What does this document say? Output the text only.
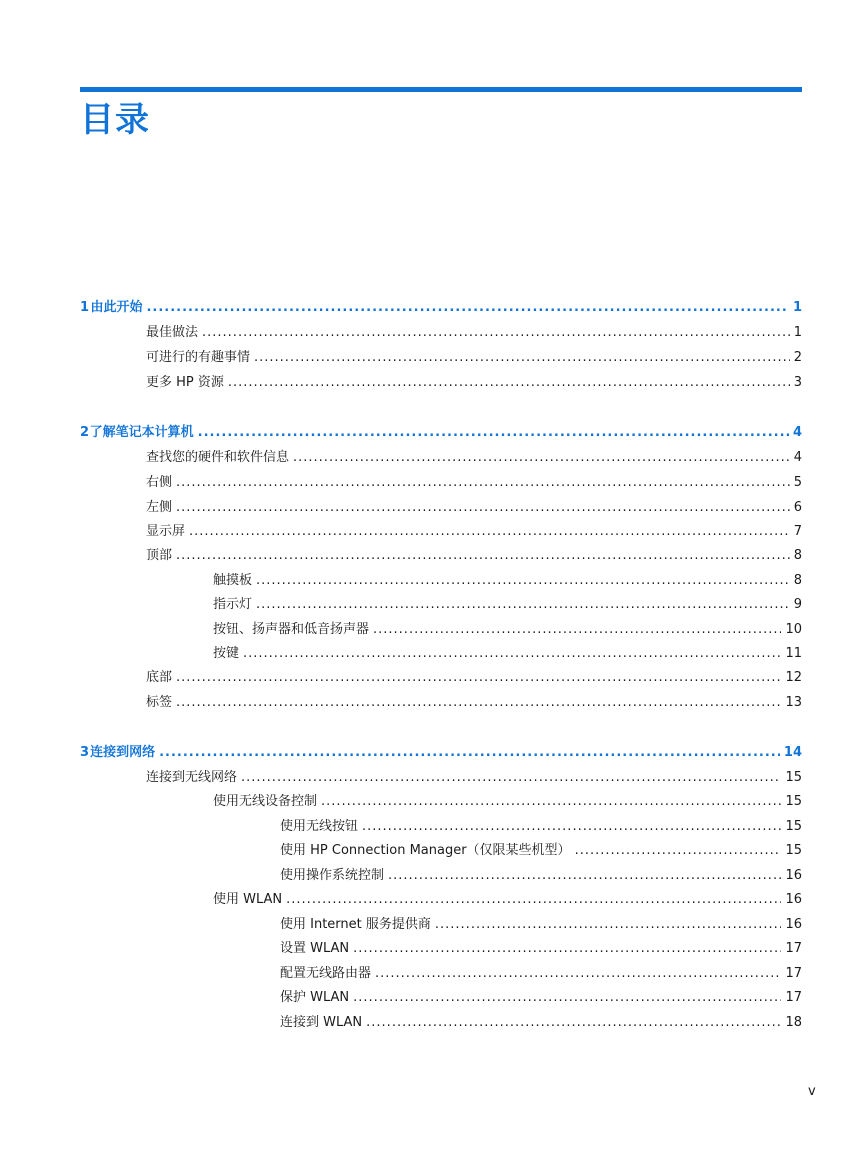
目录
1 由此开始 .....	1
最佳做法 .....	1
可进行的有趣事情 .....	2
更多 HP 资源 .....	3
2 了解笔记本计算机 .....	4
查找您的硬件和软件信息 .....	4
右侧 .....	5
左侧 .....	6
显示屏 .....	7
顶部 .....	8
触摸板 .....	8
指示灯 .....	9
按钮、扬声器和低音扬声器 .....	10
按键 .....	11
底部 .....	12
标签 .....	13
3 连接到网络 .....	14
连接到无线网络 .....	15
使用无线设备控制 .....	15
使用无线按钮 .....	15
使用 HP Connection Manager（仅限某些机型） .....	15
使用操作系统控制 .....	16
使用 WLAN .....	16
使用 Internet 服务提供商 .....	16
设置 WLAN .....	17
配置无线路由器 .....	17
保护 WLAN .....	17
连接到 WLAN .....	18
v
